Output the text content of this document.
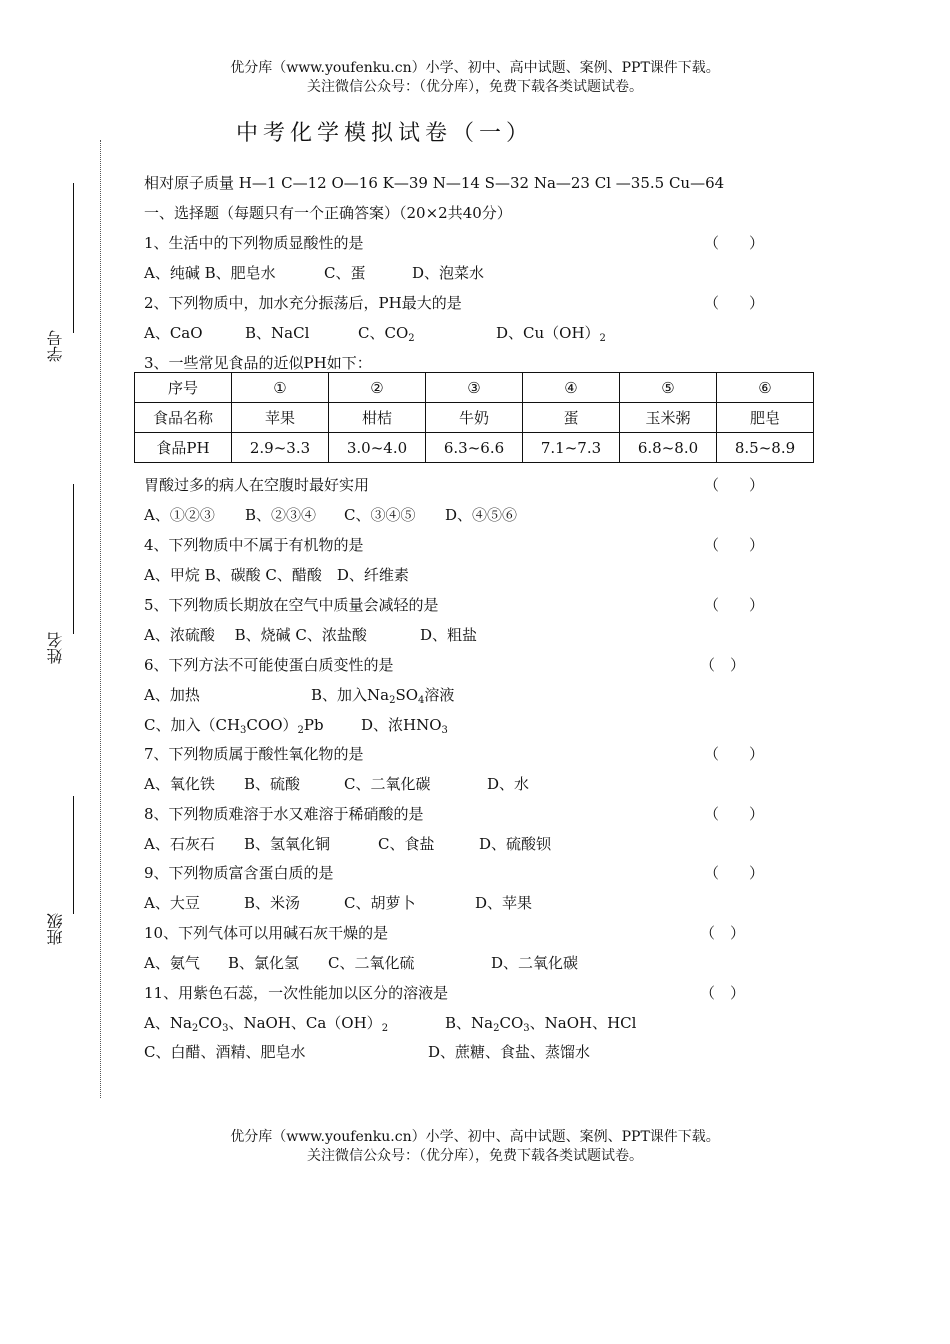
优分库（www.youfenku.cn）小学、初中、高中试题、案例、PPT课件下载。
关注微信公众号：（优分库），免费下载各类试题试卷。
中考化学模拟试卷（一）
学号
姓名
班级
相对原子质量 H—1 C—12 O—16 K—39 N—14 S—32 Na—23 Cl —35.5 Cu—64
一、选择题（每题只有一个正确答案）（20×2共40分）
1、生活中的下列物质显酸性的是	（　　）
A、纯碱 B、肥皂水	C、蛋	D、泡菜水
2、下列物质中，加水充分振荡后，PH最大的是	（　　）
A、CaO	B、NaCl	C、$CO_2$	D、$Cu(OH)_2$
3、一些常见食品的近似PH如下：
序号	①	②	③	④	⑤	⑥
食品名称	苹果	柑桔	牛奶	蛋	玉米粥	肥皂
食品PH	2.9~3.3	3.0~4.0	6.3~6.6	7.1~7.3	6.8~8.0	8.5~8.9
胃酸过多的病人在空腹时最好实用	（　　）
A、①②③ B、②③④ C、③④⑤ D、④⑤⑥
4、下列物质中不属于有机物的是	（　　）
A、甲烷 B、碳酸 C、醋酸　D、纤维素
5、下列物质长期放在空气中质量会减轻的是	（　　）
A、浓硫酸　 B、烧碱 C、浓盐酸	D、粗盐
6、下列方法不可能使蛋白质变性的是	（　）
A、加热	B、加入$Na_2SO_4$溶液
C、加入$(CH_3COO)_2Pb$ D、浓$HNO_3$
7、下列物质属于酸性氧化物的是	（　　）
A、氧化铁 B、硫酸	C、二氧化碳	D、水
8、下列物质难溶于水又难溶于稀硝酸的是	（　　）
A、石灰石 B、氢氧化铜	C、食盐	D、硫酸钡
9、下列物质富含蛋白质的是	（　　）
A、大豆	B、米汤	C、胡萝卜	D、苹果
10、下列气体可以用碱石灰干燥的是	（　）
A、氨气 B、氯化氢 C、二氧化硫	D、二氧化碳
11、用紫色石蕊，一次性能加以区分的溶液是	（　）
A、$Na_2CO_3$、NaOH、$Ca(OH)_2$	B、$Na_2CO_3$、NaOH、HCl
C、白醋、酒精、肥皂水	D、蔗糖、食盐、蒸馏水
优分库（www.youfenku.cn）小学、初中、高中试题、案例、PPT课件下载。
关注微信公众号：（优分库），免费下载各类试题试卷。
